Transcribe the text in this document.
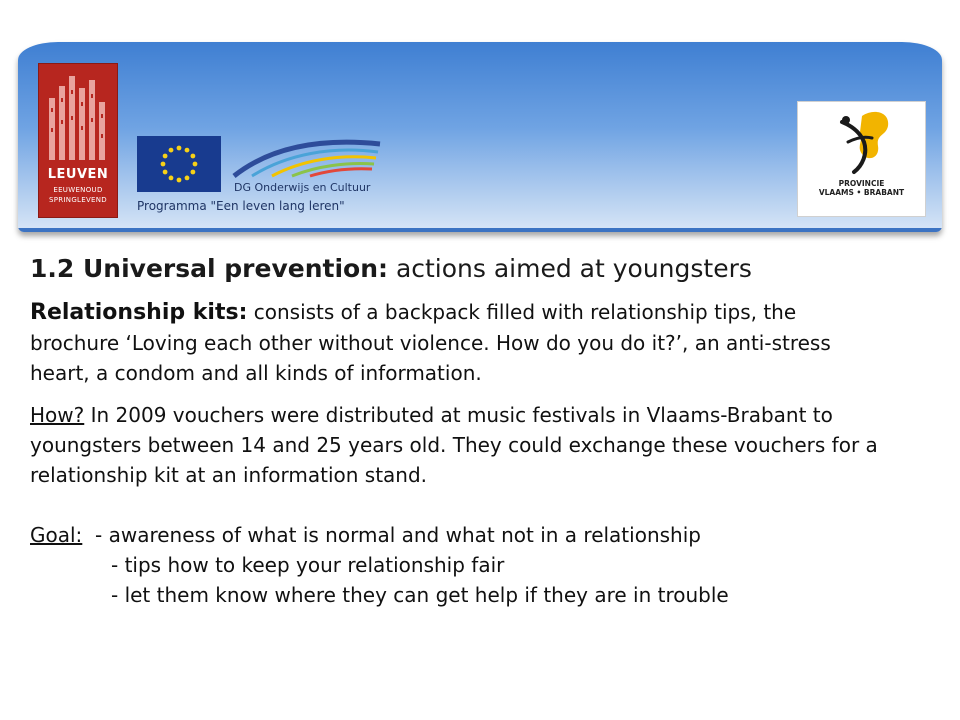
LEUVEN
EEUWENOUD
SPRINGLEVEND
DG Onderwijs en Cultuur
Programma "Een leven lang leren"
PROVINCIE
VLAAMS • BRABANT

1.2 Universal prevention: actions aimed at youngsters

Relationship kits: consists of a backpack filled with relationship tips, the brochure ‘Loving each other without violence. How do you do it?’, an anti-stress heart, a condom and all kinds of information.

How? In 2009 vouchers were distributed at music festivals in Vlaams-Brabant to youngsters between 14 and 25 years old. They could exchange these vouchers for a relationship kit at an information stand.

Goal: - awareness of what is normal and what not in a relationship
- tips how to keep your relationship fair
- let them know where they can get help if they are in trouble
